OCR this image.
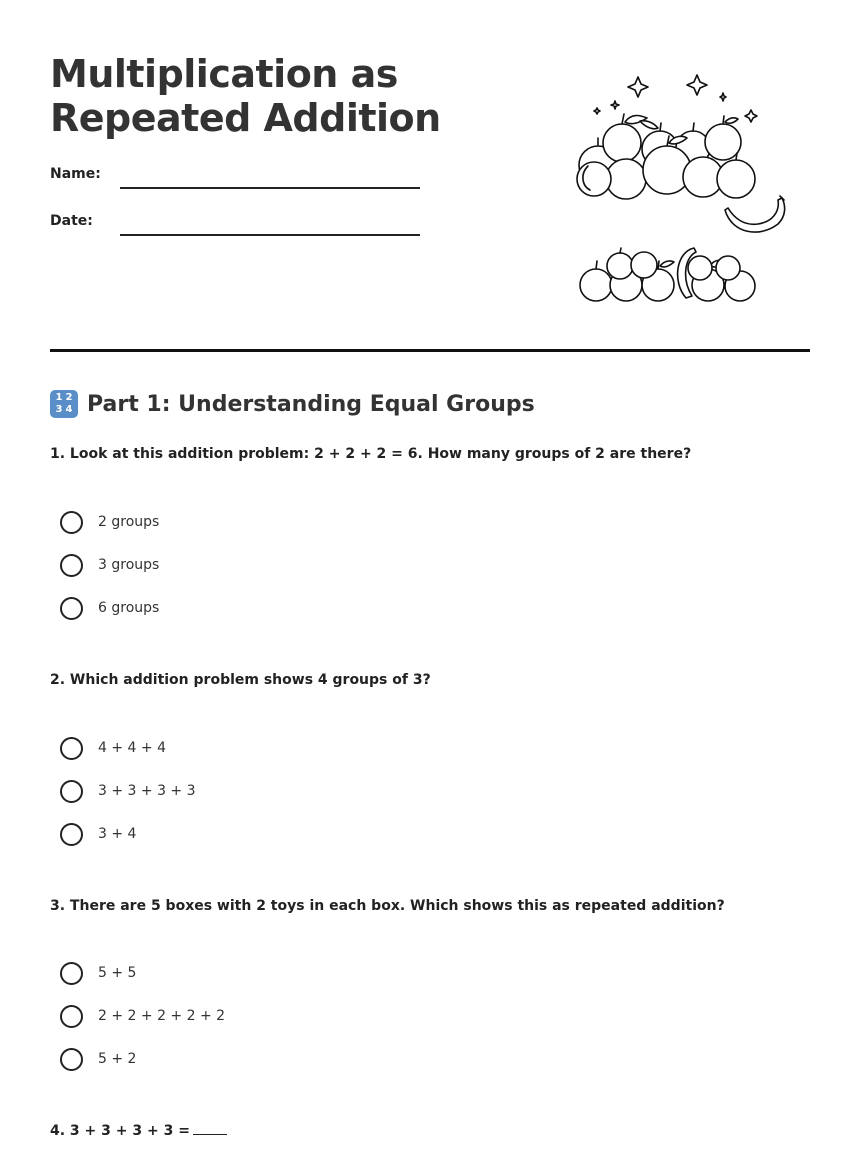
Multiplication as
Repeated Addition
Name:
Date:
1 2
3 4 Part 1: Understanding Equal Groups
1. Look at this addition problem: 2 + 2 + 2 = 6. How many groups of 2 are there?
2 groups
3 groups
6 groups
2. Which addition problem shows 4 groups of 3?
4 + 4 + 4
3 + 3 + 3 + 3
3 + 4
3. There are 5 boxes with 2 toys in each box. Which shows this as repeated addition?
5 + 5
2 + 2 + 2 + 2 + 2
5 + 2
4. 3 + 3 + 3 + 3 =
